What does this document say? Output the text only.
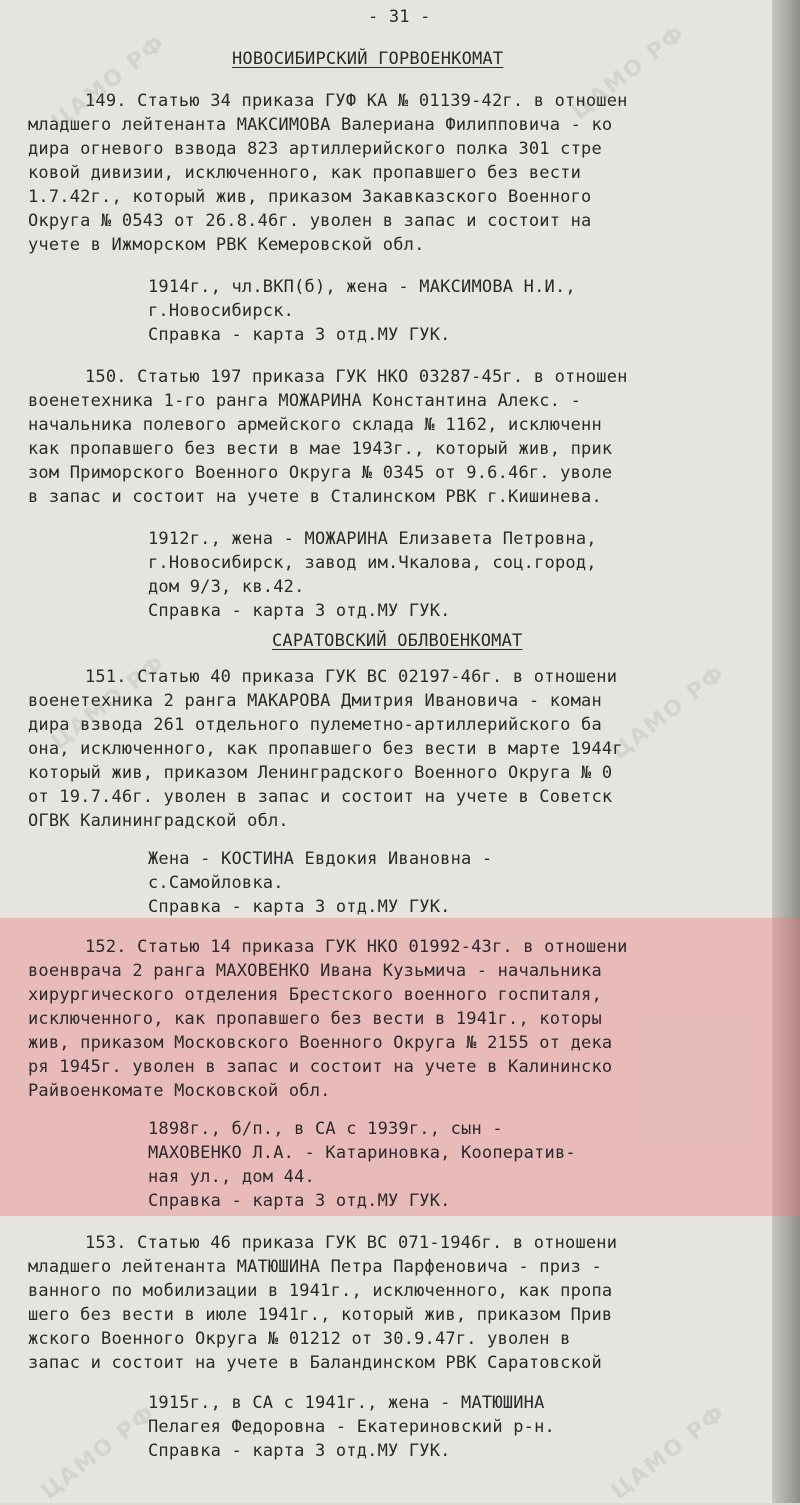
ЦАМО РФ	ЦАМО РФ
ЦАМО РФ	ЦАМО РФ
ЦАМО РФ	ЦАМО РФ
- 31 -
НОВОСИБИРСКИЙ ГОРВОЕНКОМАТ
149. Статью 34 приказа ГУФ КА № 01139-42г. в отношен
младшего лейтенанта МАКСИМОВА Валериана Филипповича - ко
дира огневого взвода 823 артиллерийского полка 301 стре
ковой дивизии, исключенного, как пропавшего без вести
1.7.42г., который жив, приказом Закавказского Военного
Округа № 0543 от 26.8.46г. уволен в запас и состоит на
учете в Ижморском РВК Кемеровской обл.
1914г., чл.ВКП(б), жена - МАКСИМОВА Н.И.,
г.Новосибирск.
Справка - карта 3 отд.МУ ГУК.
150. Статью 197 приказа ГУК НКО 03287-45г. в отношен
военетехника 1-го ранга МОЖАРИНА Константина Алекс. -
начальника полевого армейского склада № 1162, исключенн
как пропавшего без вести в мае 1943г., который жив, прик
зом Приморского Военного Округа № 0345 от 9.6.46г. уволе
в запас и состоит на учете в Сталинском РВК г.Кишинева.
1912г., жена - МОЖАРИНА Елизавета Петровна,
г.Новосибирск, завод им.Чкалова, соц.город,
дом 9/3, кв.42.
Справка - карта 3 отд.МУ ГУК.
САРАТОВСКИЙ ОБЛВОЕНКОМАТ
151. Статью 40 приказа ГУК ВС 02197-46г. в отношени
военетехника 2 ранга МАКАРОВА Дмитрия Ивановича - коман
дира взвода 261 отдельного пулеметно-артиллерийского ба
она, исключенного, как пропавшего без вести в марте 1944г
который жив, приказом Ленинградского Военного Округа № 0
от 19.7.46г. уволен в запас и состоит на учете в Советск
ОГВК Калининградской обл.
Жена - КОСТИНА Евдокия Ивановна -
с.Самойловка.
Справка - карта 3 отд.МУ ГУК.
152. Статью 14 приказа ГУК НКО 01992-43г. в отношени
военврача 2 ранга МАХОВЕНКО Ивана Кузьмича - начальника
хирургического отделения Брестского военного госпиталя,
исключенного, как пропавшего без вести в 1941г., которы
жив, приказом Московского Военного Округа № 2155 от дека
ря 1945г. уволен в запас и состоит на учете в Калининско
Райвоенкомате Московской обл.
1898г., б/п., в СА с 1939г., сын -
МАХОВЕНКО Л.А. - Катариновка, Кооператив-
ная ул., дом 44.
Справка - карта 3 отд.МУ ГУК.
153. Статью 46 приказа ГУК ВС 071-1946г. в отношени
младшего лейтенанта МАТЮШИНА Петра Парфеновича - приз -
ванного по мобилизации в 1941г., исключенного, как пропа
шего без вести в июле 1941г., который жив, приказом Прив
жского Военного Округа № 01212 от 30.9.47г. уволен в
запас и состоит на учете в Баландинском РВК Саратовской
1915г., в СА с 1941г., жена - МАТЮШИНА
Пелагея Федоровна - Екатериновский р-н.
Справка - карта 3 отд.МУ ГУК.
